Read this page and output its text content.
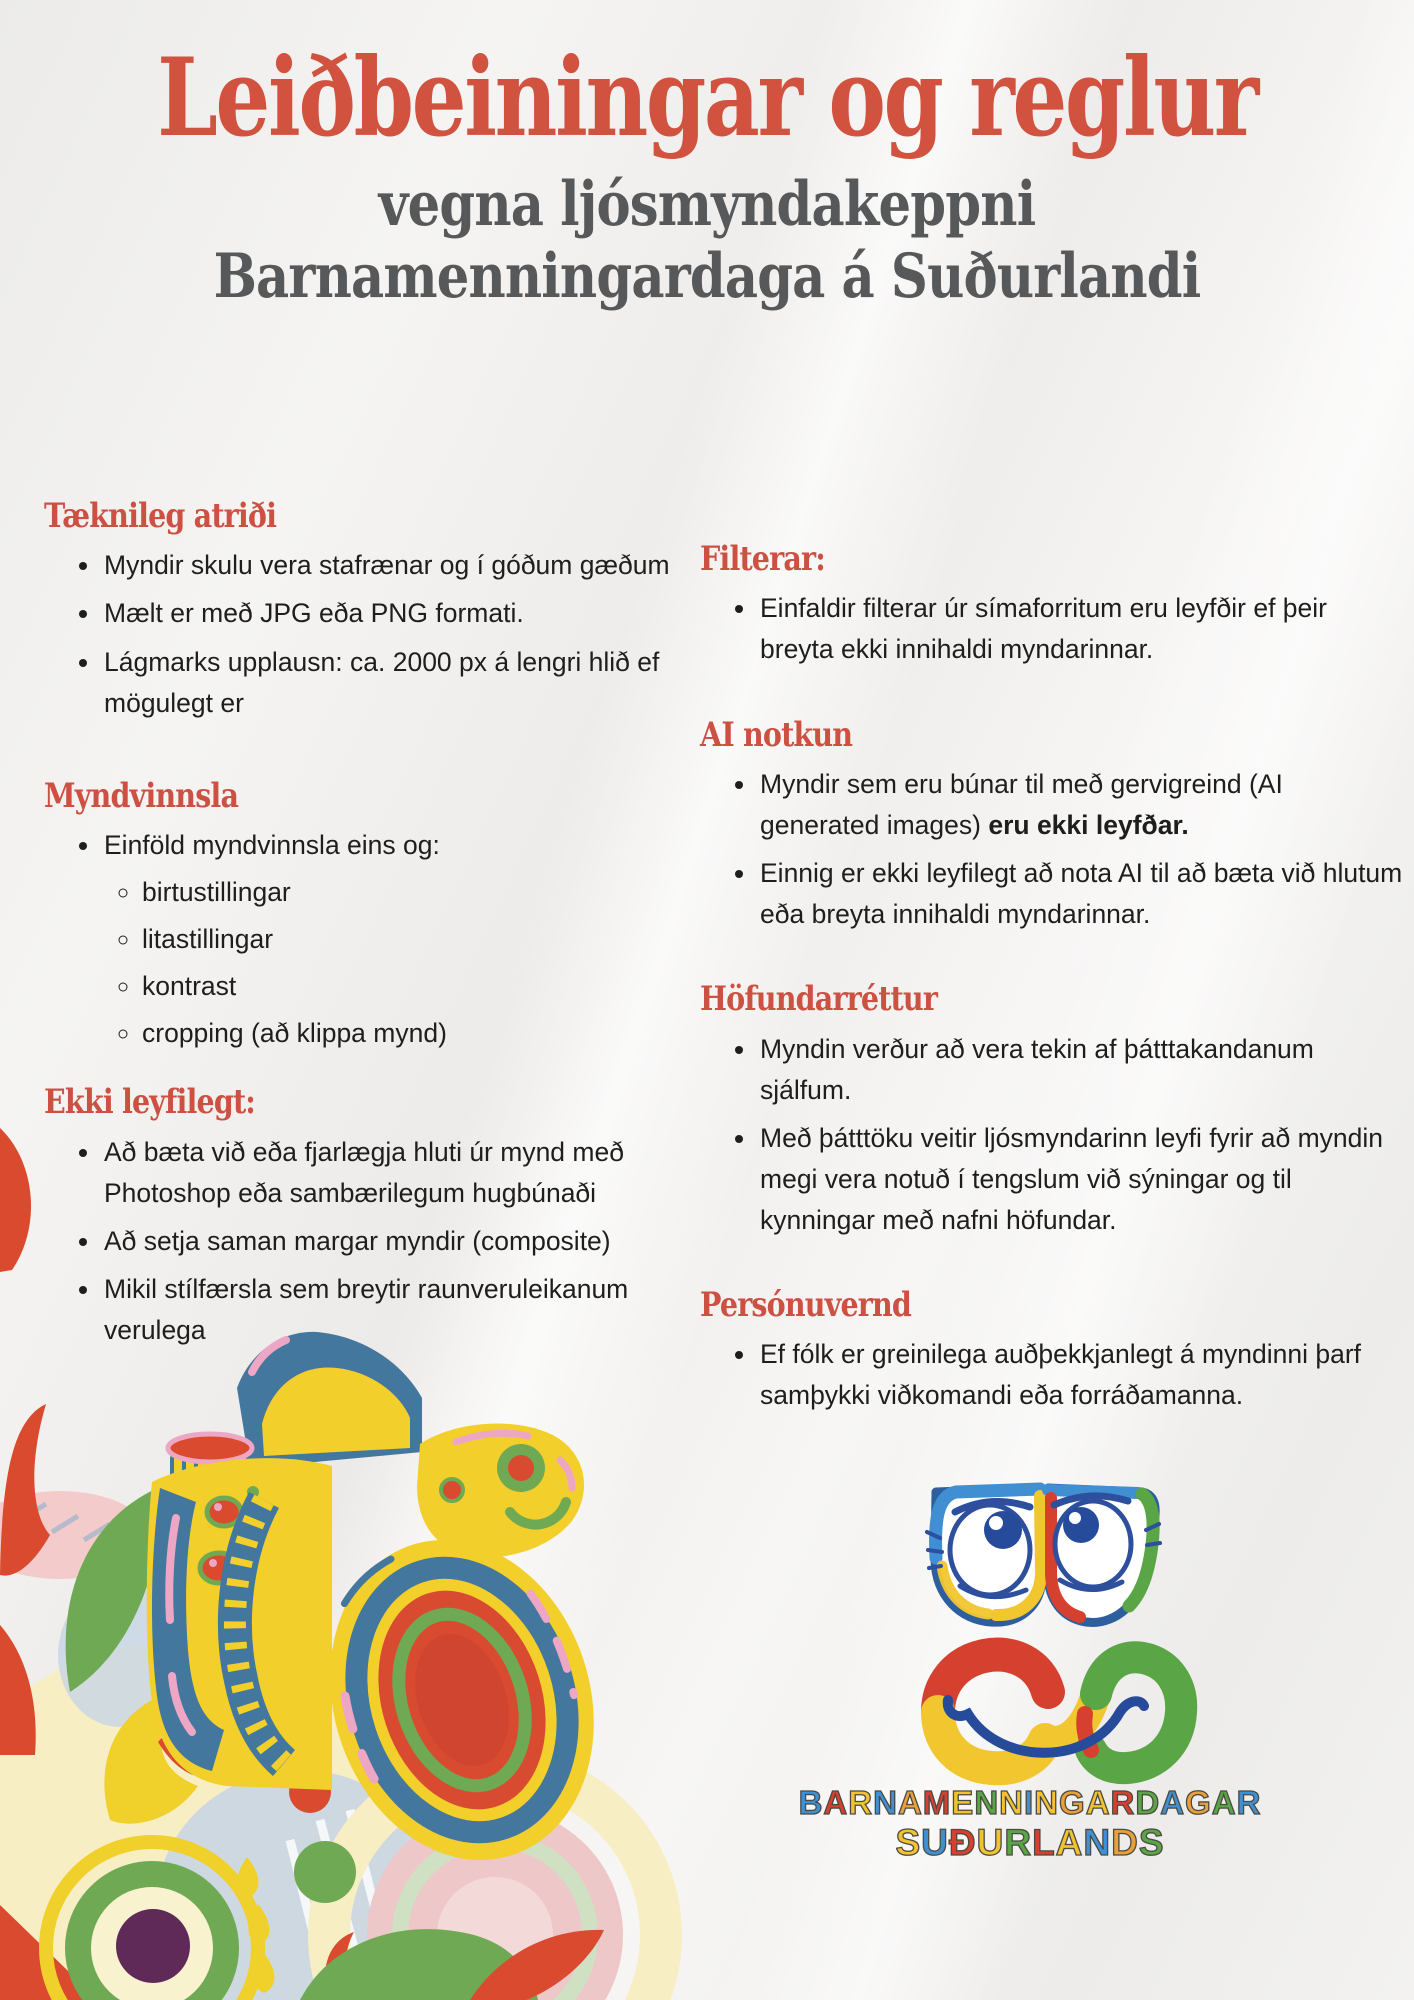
Leiðbeiningar og reglur
vegna ljósmyndakeppni
Barnamenningardaga á Suðurlandi
Tæknileg atriði
• Myndir skulu vera stafrænar og í góðum gæðum
• Mælt er með JPG eða PNG formati.
• Lágmarks upplausn: ca. 2000 px á lengri hlið ef mögulegt er
Myndvinnsla
• Einföld myndvinnsla eins og:
◦ birtustillingar
◦ litastillingar
◦ kontrast
◦ cropping (að klippa mynd)
Ekki leyfilegt:
• Að bæta við eða fjarlægja hluti úr mynd með Photoshop eða sambærilegum hugbúnaði
• Að setja saman margar myndir (composite)
• Mikil stílfærsla sem breytir raunveruleikanum verulega
Filterar:
• Einfaldir filterar úr símaforritum eru leyfðir ef þeir breyta ekki innihaldi myndarinnar.
AI notkun
• Myndir sem eru búnar til með gervigreind (AI generated images) eru ekki leyfðar.
• Einnig er ekki leyfilegt að nota AI til að bæta við hlutum eða breyta innihaldi myndarinnar.
Höfundarréttur
• Myndin verður að vera tekin af þátttakandanum sjálfum.
• Með þátttöku veitir ljósmyndarinn leyfi fyrir að myndin megi vera notuð í tengslum við sýningar og til kynningar með nafni höfundar.
Persónuvernd
• Ef fólk er greinilega auðþekkjanlegt á myndinni þarf samþykki viðkomandi eða forráðamanna.
BARNAMENNINGARDAGAR
SUÐURLANDS
